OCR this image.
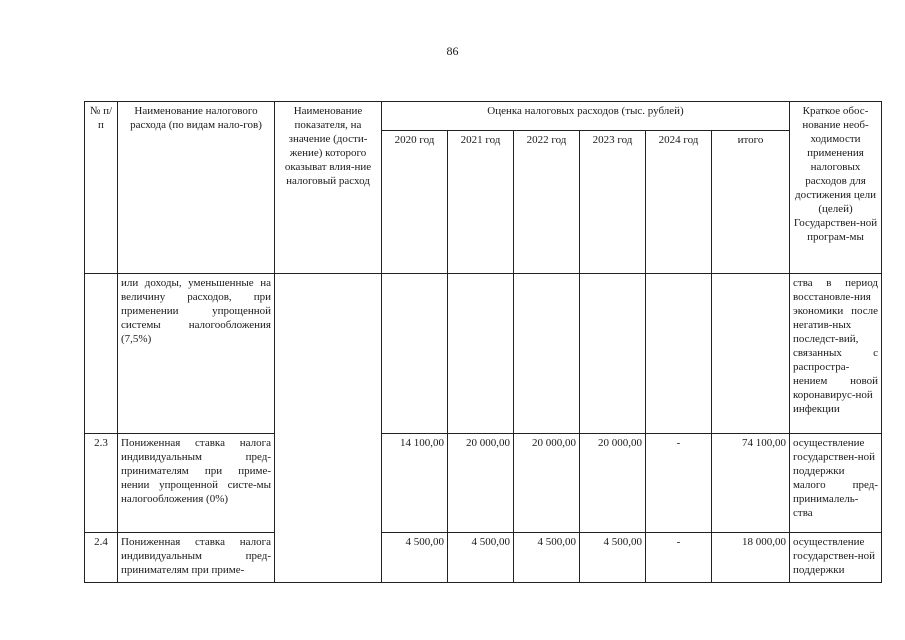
86
№ п/п	Наименование налогового расхода (по видам нало-гов)	Наименование показателя, на значение (дости-жение) которого оказыват влия-ние налоговый расход	Оценка налоговых расходов (тыс. рублей)						Краткое обос-нование необ-ходимости применения налоговых расходов для достижения цели (целей) Государствен-ной програм-мы
			2020 год	2021 год	2022 год	2023 год	2024 год	итого	
	или доходы, уменьшенные на величину расходов, при применении упрощенной системы налогообложения (7,5%)								ства в период восстановле-ния экономики после негатив-ных последст-вий, связанных с распростра-нением новой коронавирус-ной инфекции
2.3	Пониженная ставка налога индивидуальным пред-принимателям при приме-нении упрощенной систе-мы налогообложения (0%)		14 100,00	20 000,00	20 000,00	20 000,00	-	74 100,00	осуществление государствен-ной поддержки малого пред-принималель-ства
2.4	Пониженная ставка налога индивидуальным пред-принимателям при приме-		4 500,00	4 500,00	4 500,00	4 500,00	-	18 000,00	осуществление государствен-ной поддержки
